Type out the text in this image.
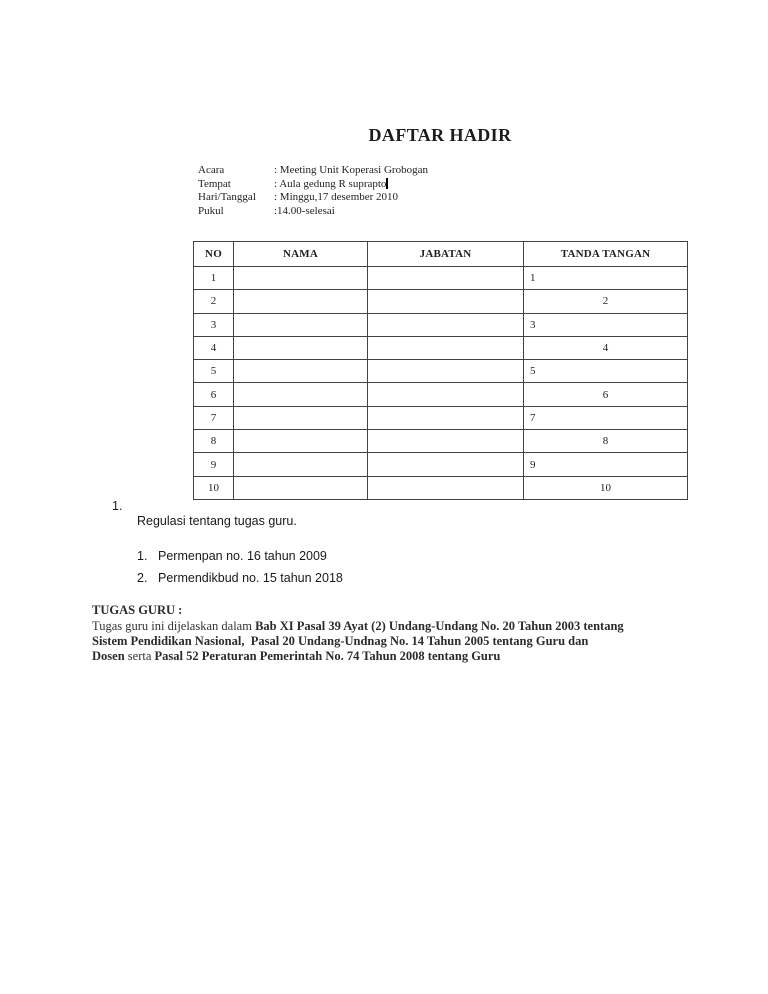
DAFTAR HADIR
Acara	: Meeting Unit Koperasi Grobogan
Tempat	: Aula gedung R suprapto
Hari/Tanggal	: Minggu,17 desember 2010
Pukul	:14.00-selesai
NO	NAMA	JABATAN	TANDA TANGAN
1			1
2			2
3			3
4			4
5			5
6			6
7			7
8			8
9			9
10			10
1.
Regulasi tentang tugas guru.
1. Permenpan no. 16 tahun 2009
2. Permendikbud no. 15 tahun 2018
TUGAS GURU :
Tugas guru ini dijelaskan dalam Bab XI Pasal 39 Ayat (2) Undang-Undang No. 20 Tahun 2003 tentang
Sistem Pendidikan Nasional,  Pasal 20 Undang-Undnag No. 14 Tahun 2005 tentang Guru dan
Dosen serta Pasal 52 Peraturan Pemerintah No. 74 Tahun 2008 tentang Guru
